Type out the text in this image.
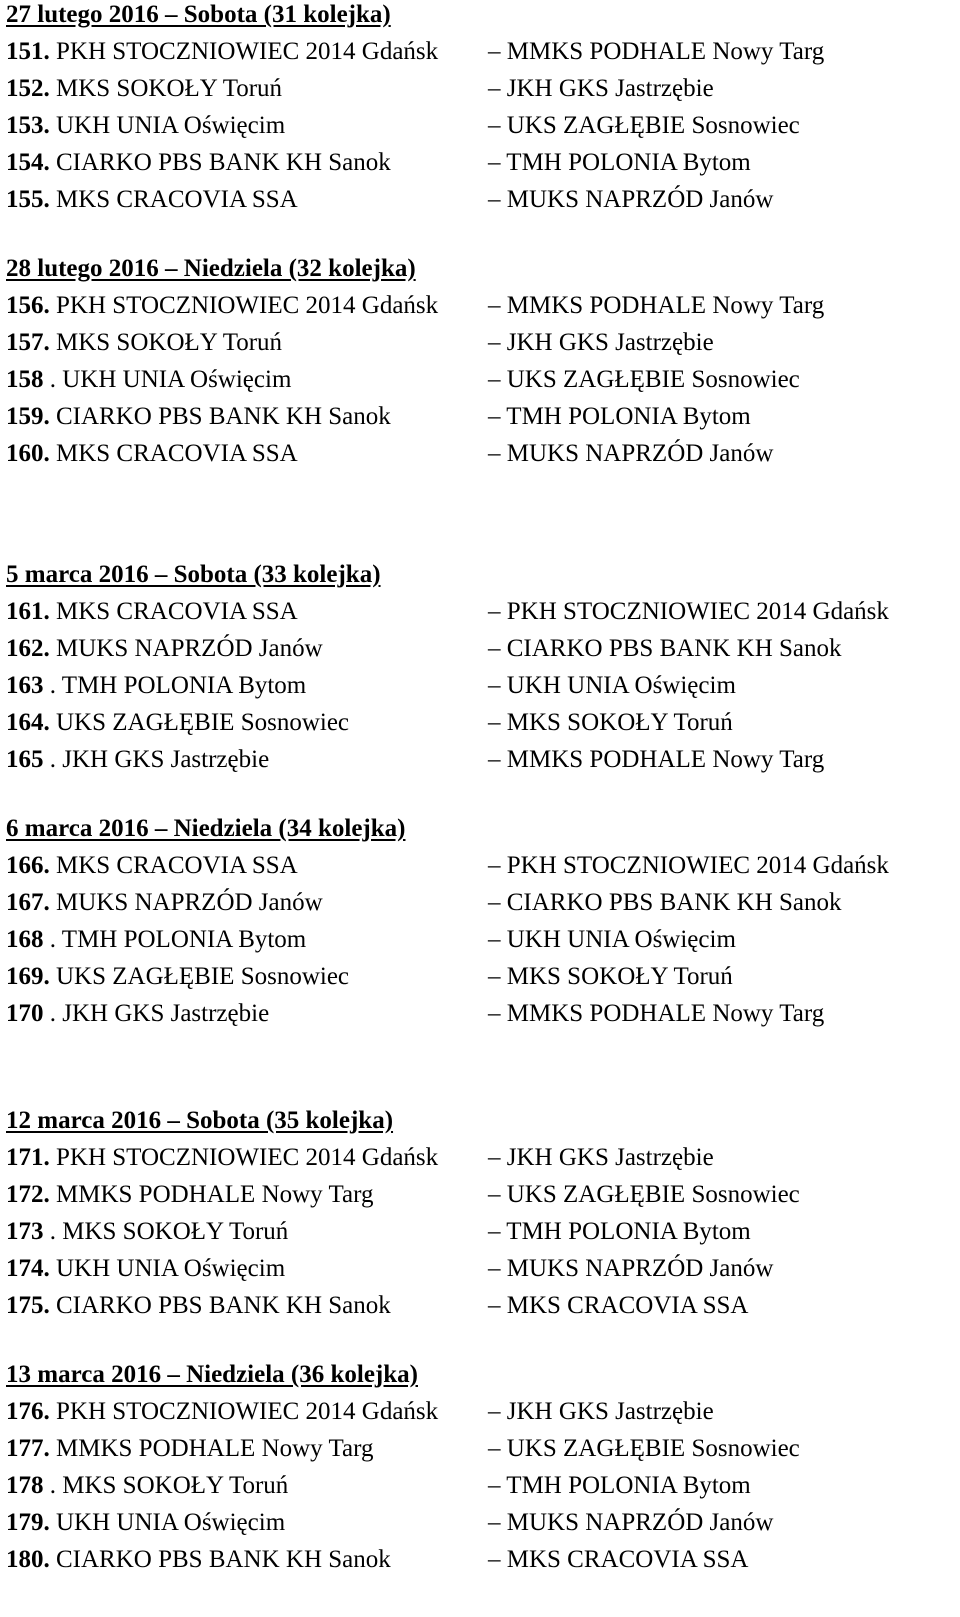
27 lutego 2016 – Sobota (31 kolejka)
151. PKH STOCZNIOWIEC 2014 Gdańsk – MMKS PODHALE Nowy Targ
152. MKS SOKOŁY Toruń	– JKH GKS Jastrzębie
153. UKH UNIA Oświęcim	– UKS ZAGŁĘBIE Sosnowiec
154. CIARKO PBS BANK KH Sanok	– TMH POLONIA Bytom
155. MKS CRACOVIA SSA	– MUKS NAPRZÓD Janów
28 lutego 2016 – Niedziela (32 kolejka)
156. PKH STOCZNIOWIEC 2014 Gdańsk – MMKS PODHALE Nowy Targ
157. MKS SOKOŁY Toruń	– JKH GKS Jastrzębie
158 . UKH UNIA Oświęcim	– UKS ZAGŁĘBIE Sosnowiec
159. CIARKO PBS BANK KH Sanok	– TMH POLONIA Bytom
160. MKS CRACOVIA SSA	– MUKS NAPRZÓD Janów
5 marca 2016 – Sobota (33 kolejka)
161. MKS CRACOVIA SSA	– PKH STOCZNIOWIEC 2014 Gdańsk
162. MUKS NAPRZÓD Janów	– CIARKO PBS BANK KH Sanok
163 . TMH POLONIA Bytom	– UKH UNIA Oświęcim
164. UKS ZAGŁĘBIE Sosnowiec	– MKS SOKOŁY Toruń
165 . JKH GKS Jastrzębie	– MMKS PODHALE Nowy Targ
6 marca 2016 – Niedziela (34 kolejka)
166. MKS CRACOVIA SSA	– PKH STOCZNIOWIEC 2014 Gdańsk
167. MUKS NAPRZÓD Janów	– CIARKO PBS BANK KH Sanok
168 . TMH POLONIA Bytom	– UKH UNIA Oświęcim
169. UKS ZAGŁĘBIE Sosnowiec	– MKS SOKOŁY Toruń
170 . JKH GKS Jastrzębie	– MMKS PODHALE Nowy Targ
12 marca 2016 – Sobota (35 kolejka)
171. PKH STOCZNIOWIEC 2014 Gdańsk – JKH GKS Jastrzębie
172. MMKS PODHALE Nowy Targ	– UKS ZAGŁĘBIE Sosnowiec
173 . MKS SOKOŁY Toruń	– TMH POLONIA Bytom
174. UKH UNIA Oświęcim	– MUKS NAPRZÓD Janów
175. CIARKO PBS BANK KH Sanok	– MKS CRACOVIA SSA
13 marca 2016 – Niedziela (36 kolejka)
176. PKH STOCZNIOWIEC 2014 Gdańsk – JKH GKS Jastrzębie
177. MMKS PODHALE Nowy Targ	– UKS ZAGŁĘBIE Sosnowiec
178 . MKS SOKOŁY Toruń	– TMH POLONIA Bytom
179. UKH UNIA Oświęcim	– MUKS NAPRZÓD Janów
180. CIARKO PBS BANK KH Sanok	– MKS CRACOVIA SSA
